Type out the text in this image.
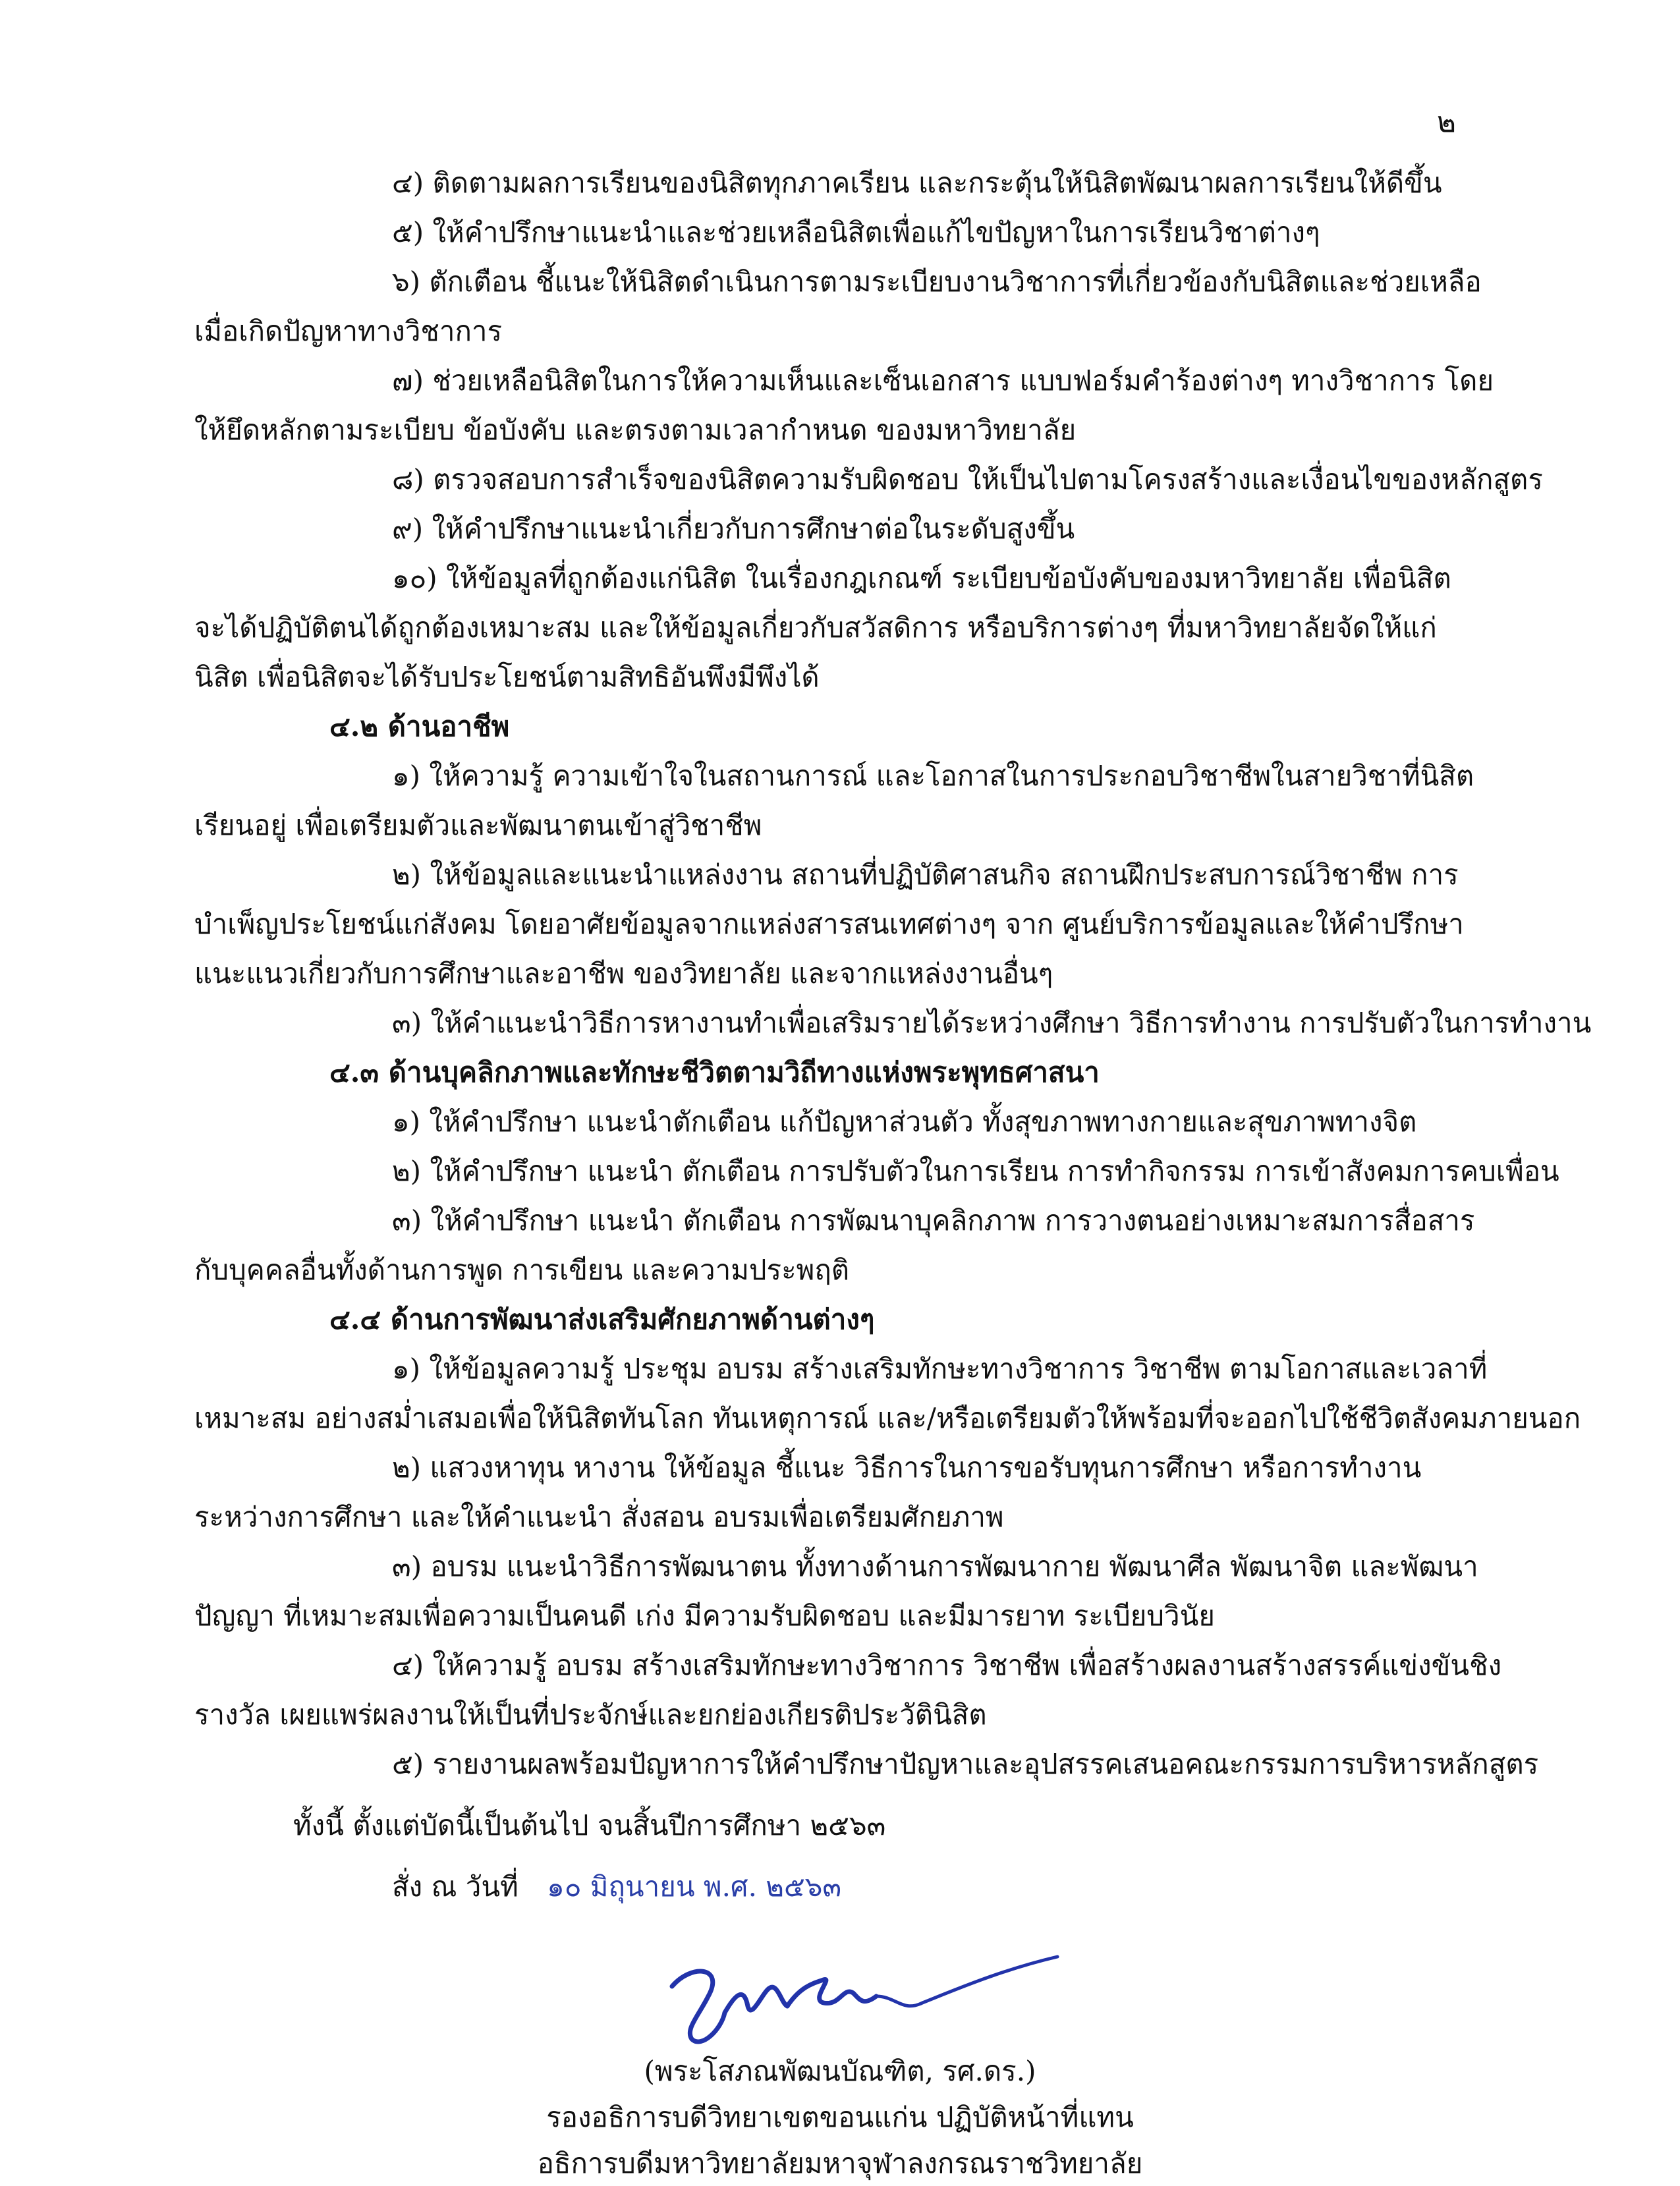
๒

๔) ติดตามผลการเรียนของนิสิตทุกภาคเรียน และกระตุ้นให้นิสิตพัฒนาผลการเรียนให้ดีขึ้น

๕) ให้คำปรึกษาแนะนำและช่วยเหลือนิสิตเพื่อแก้ไขปัญหาในการเรียนวิชาต่างๆ

๖) ตักเตือน ชี้แนะให้นิสิตดำเนินการตามระเบียบงานวิชาการที่เกี่ยวข้องกับนิสิตและช่วยเหลือ

เมื่อเกิดปัญหาทางวิชาการ

๗) ช่วยเหลือนิสิตในการให้ความเห็นและเซ็นเอกสาร แบบฟอร์มคำร้องต่างๆ ทางวิชาการ โดย

ให้ยึดหลักตามระเบียบ ข้อบังคับ และตรงตามเวลากำหนด ของมหาวิทยาลัย

๘) ตรวจสอบการสำเร็จของนิสิตความรับผิดชอบ ให้เป็นไปตามโครงสร้างและเงื่อนไขของหลักสูตร

๙) ให้คำปรึกษาแนะนำเกี่ยวกับการศึกษาต่อในระดับสูงขึ้น

๑๐) ให้ข้อมูลที่ถูกต้องแก่นิสิต ในเรื่องกฎเกณฑ์ ระเบียบข้อบังคับของมหาวิทยาลัย เพื่อนิสิต

จะได้ปฏิบัติตนได้ถูกต้องเหมาะสม และให้ข้อมูลเกี่ยวกับสวัสดิการ หรือบริการต่างๆ ที่มหาวิทยาลัยจัดให้แก่

นิสิต เพื่อนิสิตจะได้รับประโยชน์ตามสิทธิอันพึงมีพึงได้

๔.๒ ด้านอาชีพ

๑) ให้ความรู้ ความเข้าใจในสถานการณ์ และโอกาสในการประกอบวิชาชีพในสายวิชาที่นิสิต

เรียนอยู่ เพื่อเตรียมตัวและพัฒนาตนเข้าสู่วิชาชีพ

๒) ให้ข้อมูลและแนะนำแหล่งงาน สถานที่ปฏิบัติศาสนกิจ สถานฝึกประสบการณ์วิชาชีพ การ

บำเพ็ญประโยชน์แก่สังคม โดยอาศัยข้อมูลจากแหล่งสารสนเทศต่างๆ จาก ศูนย์บริการข้อมูลและให้คำปรึกษา

แนะแนวเกี่ยวกับการศึกษาและอาชีพ ของวิทยาลัย และจากแหล่งงานอื่นๆ

๓) ให้คำแนะนำวิธีการหางานทำเพื่อเสริมรายได้ระหว่างศึกษา วิธีการทำงาน การปรับตัวในการทำงาน

๔.๓ ด้านบุคลิกภาพและทักษะชีวิตตามวิถีทางแห่งพระพุทธศาสนา

๑) ให้คำปรึกษา แนะนำตักเตือน แก้ปัญหาส่วนตัว ทั้งสุขภาพทางกายและสุขภาพทางจิต

๒) ให้คำปรึกษา แนะนำ ตักเตือน การปรับตัวในการเรียน การทำกิจกรรม การเข้าสังคมการคบเพื่อน

๓) ให้คำปรึกษา แนะนำ ตักเตือน การพัฒนาบุคลิกภาพ การวางตนอย่างเหมาะสมการสื่อสาร

กับบุคคลอื่นทั้งด้านการพูด การเขียน และความประพฤติ

๔.๔ ด้านการพัฒนาส่งเสริมศักยภาพด้านต่างๆ

๑) ให้ข้อมูลความรู้ ประชุม อบรม สร้างเสริมทักษะทางวิชาการ วิชาชีพ ตามโอกาสและเวลาที่

เหมาะสม อย่างสม่ำเสมอเพื่อให้นิสิตทันโลก ทันเหตุการณ์ และ/หรือเตรียมตัวให้พร้อมที่จะออกไปใช้ชีวิตสังคมภายนอก

๒) แสวงหาทุน หางาน ให้ข้อมูล ชี้แนะ วิธีการในการขอรับทุนการศึกษา หรือการทำงาน

ระหว่างการศึกษา และให้คำแนะนำ สั่งสอน อบรมเพื่อเตรียมศักยภาพ

๓) อบรม แนะนำวิธีการพัฒนาตน ทั้งทางด้านการพัฒนากาย พัฒนาศีล พัฒนาจิต และพัฒนา

ปัญญา ที่เหมาะสมเพื่อความเป็นคนดี เก่ง มีความรับผิดชอบ และมีมารยาท ระเบียบวินัย

๔) ให้ความรู้ อบรม สร้างเสริมทักษะทางวิชาการ วิชาชีพ เพื่อสร้างผลงานสร้างสรรค์แข่งขันชิง

รางวัล เผยแพร่ผลงานให้เป็นที่ประจักษ์และยกย่องเกียรติประวัตินิสิต

๕) รายงานผลพร้อมปัญหาการให้คำปรึกษาปัญหาและอุปสรรคเสนอคณะกรรมการบริหารหลักสูตร

ทั้งนี้ ตั้งแต่บัดนี้เป็นต้นไป จนสิ้นปีการศึกษา ๒๕๖๓

สั่ง ณ วันที่ ๑๐ มิถุนายน พ.ศ. ๒๕๖๓

(พระโสภณพัฒนบัณฑิต, รศ.ดร.)

รองอธิการบดีวิทยาเขตขอนแก่น ปฏิบัติหน้าที่แทน

อธิการบดีมหาวิทยาลัยมหาจุฬาลงกรณราชวิทยาลัย
